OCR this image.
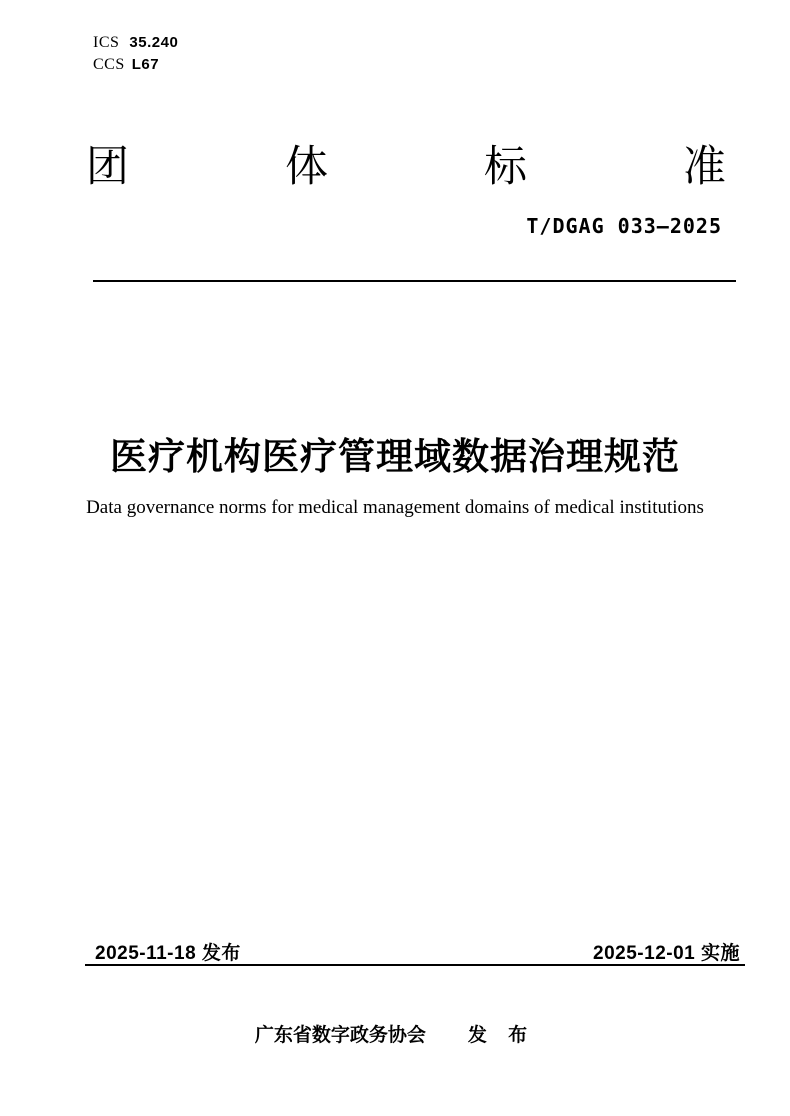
ICS 35.240
CCS L67
团	体	标	准
T/DGAG 033—2025
医疗机构医疗管理域数据治理规范
Data governance norms for medical management domains of medical institutions
2025-11-18 发布	2025-12-01 实施
广东省数字政务协会 发 布
